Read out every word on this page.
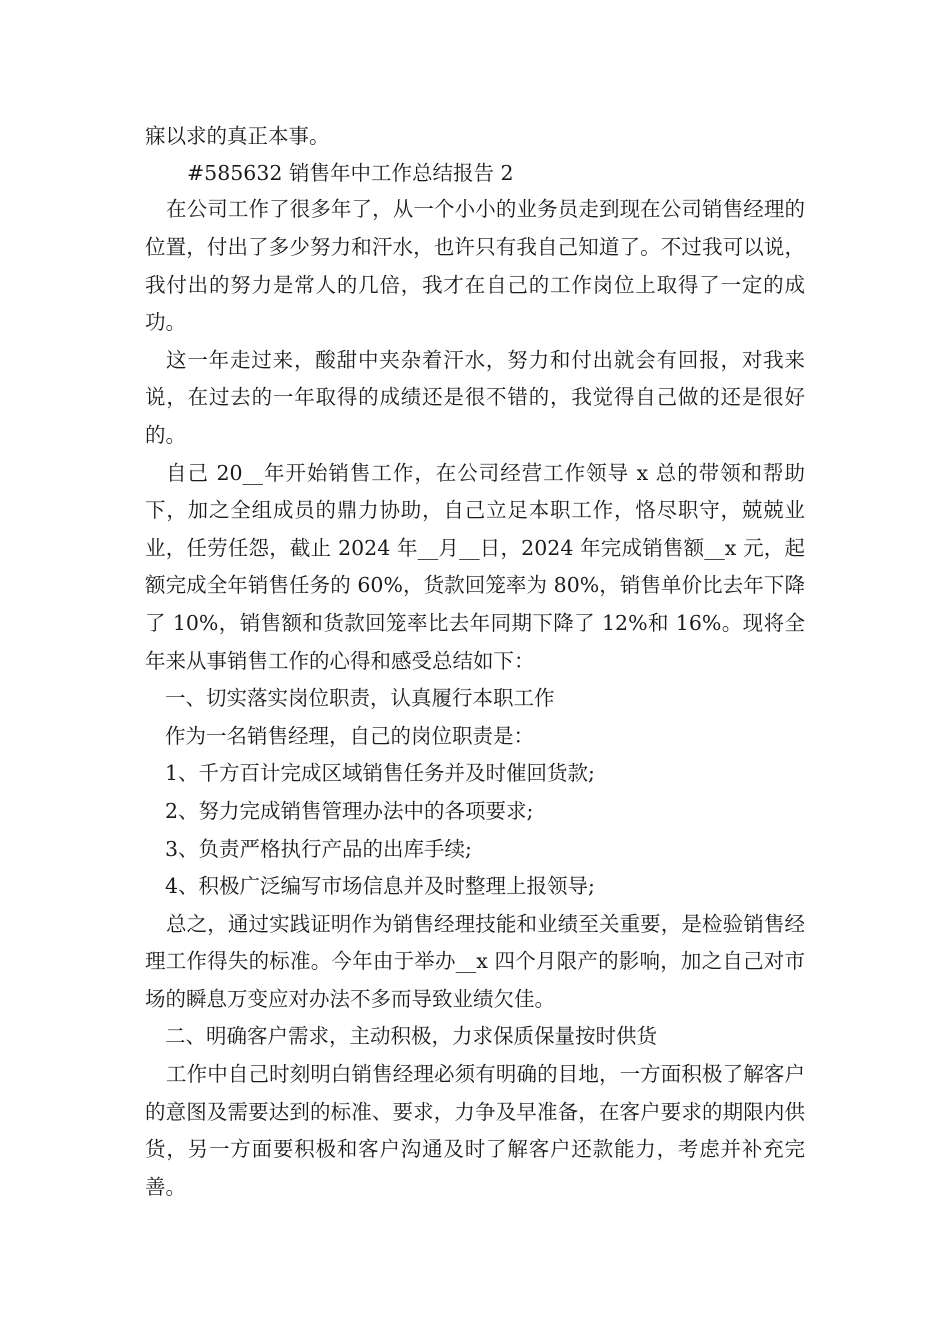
寐以求的真正本事。

#585632 销售年中工作总结报告 2

在公司工作了很多年了，从一个小小的业务员走到现在公司销售经理的位置，付出了多少努力和汗水，也许只有我自己知道了。不过我可以说，我付出的努力是常人的几倍，我才在自己的工作岗位上取得了一定的成功。

这一年走过来，酸甜中夹杂着汗水，努力和付出就会有回报，对我来说，在过去的一年取得的成绩还是很不错的，我觉得自己做的还是很好的。

自己 20__年开始销售工作，在公司经营工作领导 x 总的带领和帮助下，加之全组成员的鼎力协助，自己立足本职工作，恪尽职守，兢兢业业，任劳任怨，截止 2024 年__月__日，2024 年完成销售额__x 元，起额完成全年销售任务的 60%，货款回笼率为 80%，销售单价比去年下降了 10%，销售额和货款回笼率比去年同期下降了 12%和 16%。现将全年来从事销售工作的心得和感受总结如下：

一、切实落实岗位职责，认真履行本职工作

作为一名销售经理，自己的岗位职责是：

1、千方百计完成区域销售任务并及时催回货款;

2、努力完成销售管理办法中的各项要求;

3、负责严格执行产品的出库手续;

4、积极广泛编写市场信息并及时整理上报领导;

总之，通过实践证明作为销售经理技能和业绩至关重要，是检验销售经理工作得失的标准。今年由于举办__x 四个月限产的影响，加之自己对市场的瞬息万变应对办法不多而导致业绩欠佳。

二、明确客户需求，主动积极，力求保质保量按时供货

工作中自己时刻明白销售经理必须有明确的目地，一方面积极了解客户的意图及需要达到的标准、要求，力争及早准备，在客户要求的期限内供货，另一方面要积极和客户沟通及时了解客户还款能力，考虑并补充完善。
